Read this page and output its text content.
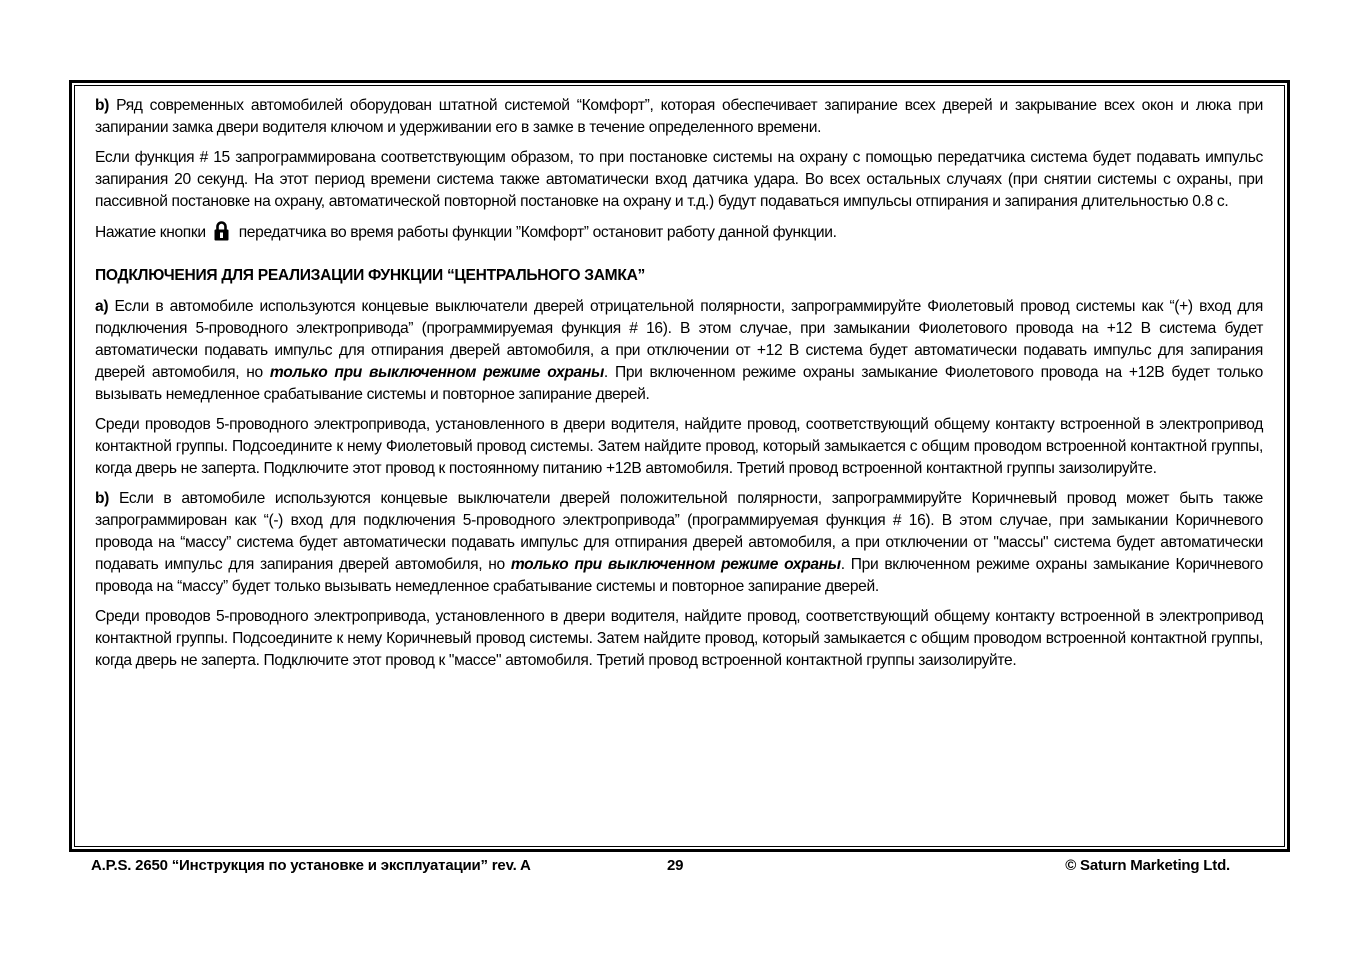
b) Ряд современных автомобилей оборудован штатной системой “Комфорт”, которая обеспечивает запирание всех дверей и закрывание всех окон и люка при запирании замка двери водителя ключом и удерживании его в замке в течение определенного времени.

Если функция # 15 запрограммирована соответствующим образом, то при постановке системы на охрану с помощью передатчика система будет подавать импульс запирания 20 секунд. На этот период времени система также автоматически вход датчика удара. Во всех остальных случаях (при снятии системы с охраны, при пассивной постановке на охрану, автоматической повторной постановке на охрану и т.д.) будут подаваться импульсы отпирания и запирания длительностью 0.8 с.

Нажатие кнопки  передатчика во время работы функции ”Комфорт” остановит работу данной функции.

ПОДКЛЮЧЕНИЯ ДЛЯ РЕАЛИЗАЦИИ ФУНКЦИИ “ЦЕНТРАЛЬНОГО ЗАМКА”

a) Если в автомобиле используются концевые выключатели дверей отрицательной полярности, запрограммируйте Фиолетовый провод системы как “(+) вход для подключения 5-проводного электропривода” (программируемая функция # 16). В этом случае, при замыкании Фиолетового провода на +12 В система будет автоматически подавать импульс для отпирания дверей автомобиля, а при отключении от +12 В система будет автоматически подавать импульс для запирания дверей автомобиля, но только при выключенном режиме охраны. При включенном режиме охраны замыкание Фиолетового провода на +12В будет только вызывать немедленное срабатывание системы и повторное запирание дверей.

Среди проводов 5-проводного электропривода, установленного в двери водителя, найдите провод, соответствующий общему контакту встроенной в электропривод контактной группы. Подсоедините к нему Фиолетовый провод системы. Затем найдите провод, который замыкается с общим проводом встроенной контактной группы, когда дверь не заперта. Подключите этот провод к постоянному питанию +12В автомобиля. Третий провод встроенной контактной группы заизолируйте.

b) Если в автомобиле используются концевые выключатели дверей положительной полярности, запрограммируйте Коричневый провод может быть также запрограммирован как “(-) вход для подключения 5-проводного электропривода” (программируемая функция # 16). В этом случае, при замыкании Коричневого провода на “массу” система будет автоматически подавать импульс для отпирания дверей автомобиля, а при отключении от "массы" система будет автоматически подавать импульс для запирания дверей автомобиля, но только при выключенном режиме охраны. При включенном режиме охраны замыкание Коричневого провода на “массу” будет только вызывать немедленное срабатывание системы и повторное запирание дверей.

Среди проводов 5-проводного электропривода, установленного в двери водителя, найдите провод, соответствующий общему контакту встроенной в электропривод контактной группы. Подсоедините к нему Коричневый провод системы. Затем найдите провод, который замыкается с общим проводом встроенной контактной группы, когда дверь не заперта. Подключите этот провод к "массе" автомобиля. Третий провод встроенной контактной группы заизолируйте.

A.P.S. 2650 “Инструкция по установке и эксплуатации” rev. A	29	© Saturn Marketing Ltd.
